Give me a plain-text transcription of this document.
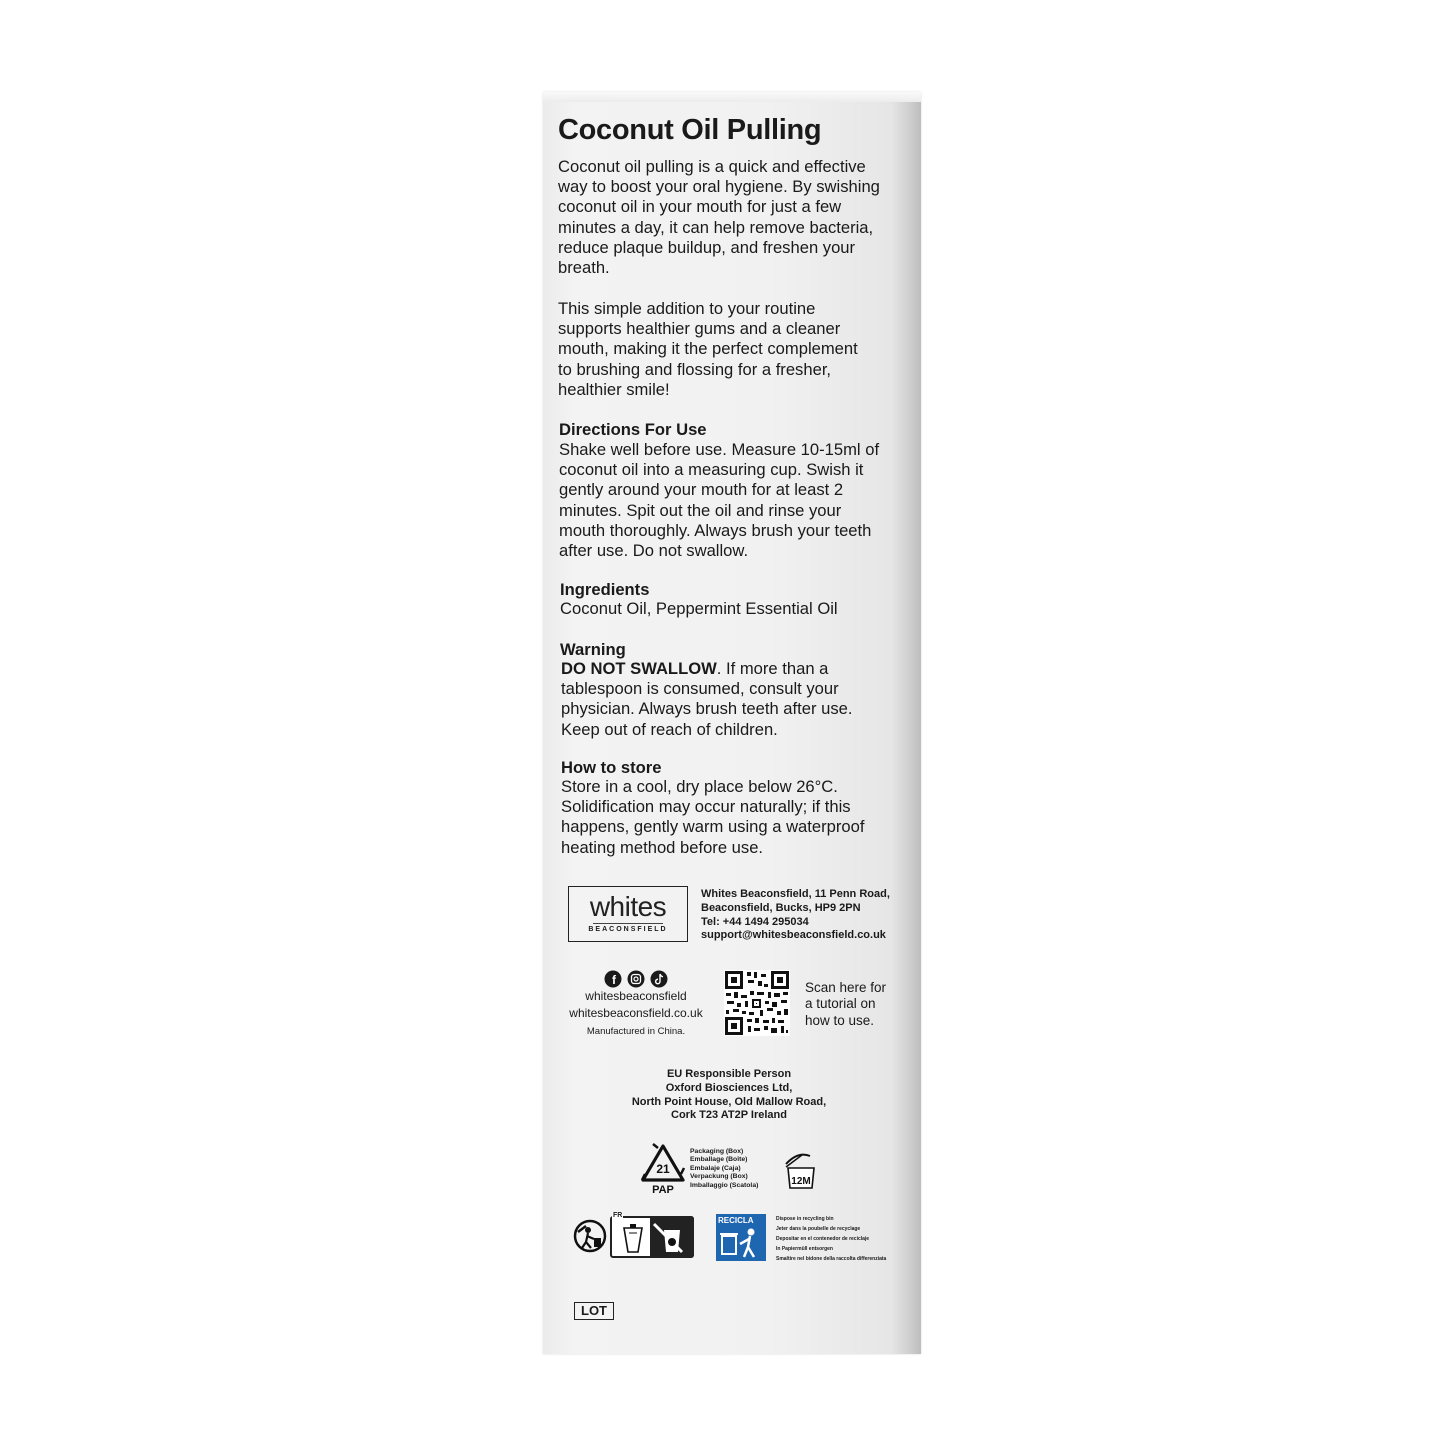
Coconut Oil Pulling
Coconut oil pulling is a quick and effective
way to boost your oral hygiene. By swishing
coconut oil in your mouth for just a few
minutes a day, it can help remove bacteria,
reduce plaque buildup, and freshen your
breath.
This simple addition to your routine
supports healthier gums and a cleaner
mouth, making it the perfect complement
to brushing and flossing for a fresher,
healthier smile!
Directions For Use
Shake well before use. Measure 10-15ml of
coconut oil into a measuring cup. Swish it
gently around your mouth for at least 2
minutes. Spit out the oil and rinse your
mouth thoroughly. Always brush your teeth
after use. Do not swallow.
Ingredients
Coconut Oil, Peppermint Essential Oil
Warning
DO NOT SWALLOW. If more than a
tablespoon is consumed, consult your
physician. Always brush teeth after use.
Keep out of reach of children.
How to store
Store in a cool, dry place below 26°C.
Solidification may occur naturally; if this
happens, gently warm using a waterproof
heating method before use.
whites
BEACONSFIELD
Whites Beaconsfield, 11 Penn Road,
Beaconsfield, Bucks, HP9 2PN
Tel: +44 1494 295034
support@whitesbeaconsfield.co.uk
f
whitesbeaconsfield
whitesbeaconsfield.co.uk
Manufactured in China.
Scan here for
a tutorial on
how to use.
EU Responsible Person
Oxford Biosciences Ltd,
North Point House, Old Mallow Road,
Cork T23 AT2P Ireland
21
PAP
Packaging (Box)
Emballage (Boîte)
Embalaje (Caja)
Verpackung (Box)
Imballaggio (Scatola)	12M
FR
RECICLA	Dispose in recycling bin
Jeter dans la poubelle de recyclage
Depositar en el contenedor de reciclaje
In Papiermüll entsorgen
Smaltire nel bidone della raccolta differenziata
LOT
